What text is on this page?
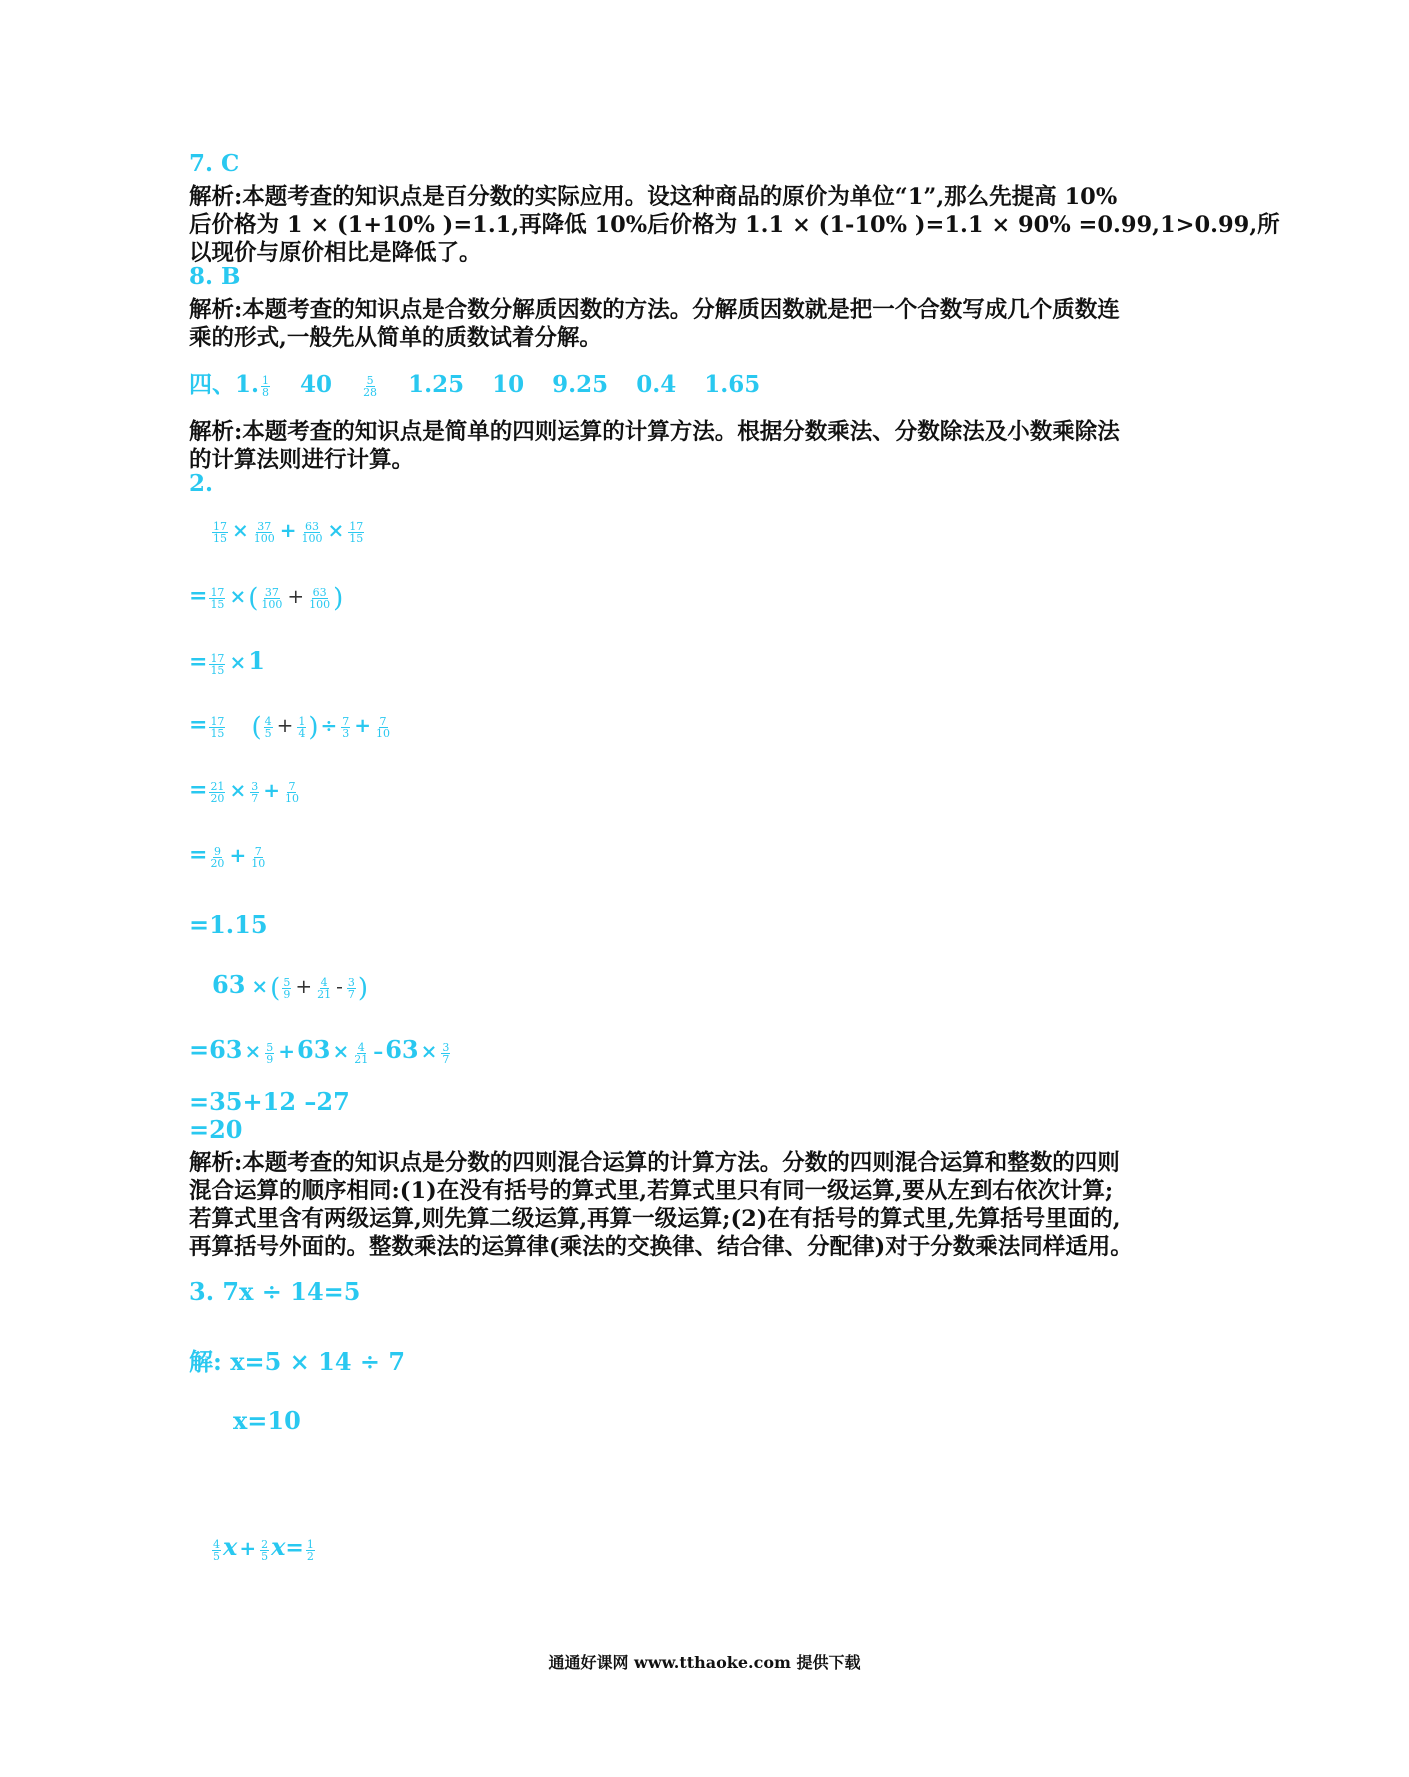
7. C
解析:本题考查的知识点是百分数的实际应用。设这种商品的原价为单位“1”,那么先提高 10%
后价格为 1 × (1+10% )=1.1,再降低 10%后价格为 1.1 × (1-10% )=1.1 × 90% =0.99,1>0.99,所
以现价与原价相比是降低了。
8. B
解析:本题考查的知识点是合数分解质因数的方法。分解质因数就是把一个合数写成几个质数连
乘的形式,一般先从简单的质数试着分解。
四、1. $\frac{1}{8} 40$	$\frac{5}{28} 1.25$ 10 9.25 0.4 1.65
解析:本题考查的知识点是简单的四则运算的计算方法。根据分数乘法、分数除法及小数乘除法
的计算法则进行计算。
2.
$\frac{17}{15} \times \frac{37}{100} + \frac{63}{100} \times \frac{17}{15}$
= $\frac{17}{15}$ ×( $\frac{37}{100} + \frac{63}{100}$ )
= $\frac{17}{15} \times 1$
= $\frac{17}{15}$ ( $\frac{4}{5} + \frac{1}{4}$ ) ÷ $\frac{7}{3} + \frac{7}{10}$
= $\frac{21}{20} \times \frac{3}{7} + \frac{7}{10}$
= $\frac{9}{20} + \frac{7}{10}$
=1.15
63 ×( $\frac{5}{9} + \frac{4}{21} - \frac{3}{7}$ )
$=63 \times \frac{5}{9} +63 \times \frac{4}{21} -63 \times \frac{3}{7}$
=35+12 –27
=20
解析:本题考查的知识点是分数的四则混合运算的计算方法。分数的四则混合运算和整数的四则
混合运算的顺序相同:(1)在没有括号的算式里,若算式里只有同一级运算,要从左到右依次计算;
若算式里含有两级运算,则先算二级运算,再算一级运算;(2)在有括号的算式里,先算括号里面的,
再算括号外面的。整数乘法的运算律(乘法的交换律、结合律、分配律)对于分数乘法同样适用。
3. 7x ÷ 14=5
解: x=5 × 14 ÷ 7
x=10
$\frac{4}{5}$ $x + \frac{2}{5} x= \frac{1}{2}$
通通好课网 www.tthaoke.com 提供下载
